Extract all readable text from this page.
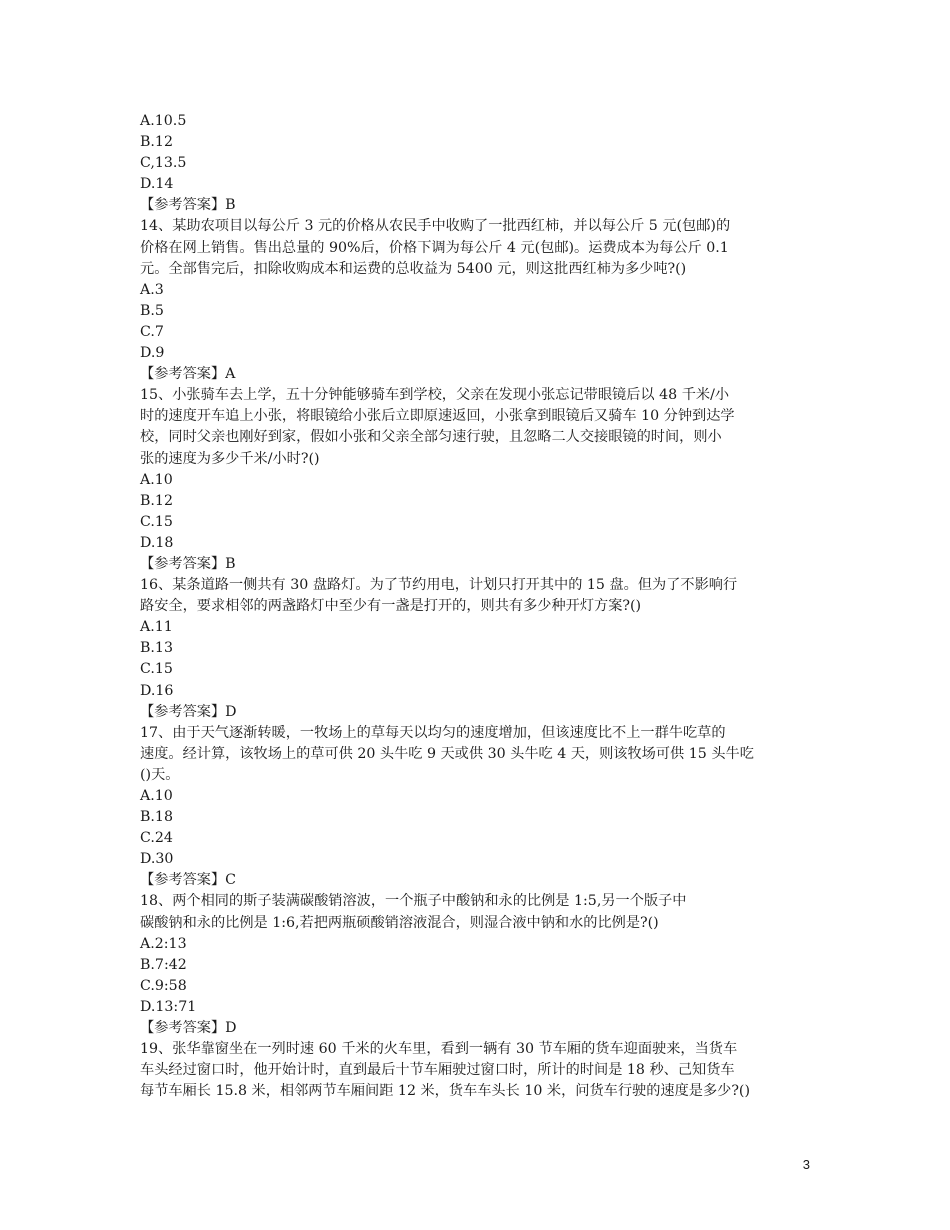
A.10.5
B.12
C,13.5
D.14
【参考答案】B
14、某助农项目以每公斤 3 元的价格从农民手中收购了一批西红柿，并以每公斤 5 元(包邮)的
价格在网上销售。售出总量的 90%后，价格下调为每公斤 4 元(包邮)。运费成本为每公斤 0.1
元。全部售完后，扣除收购成本和运费的总收益为 5400 元，则这批西红柿为多少吨?()
A.3
B.5
C.7
D.9
【参考答案】A
15、小张骑车去上学，五十分钟能够骑车到学校，父亲在发现小张忘记带眼镜后以 48 千米/小
时的速度开车追上小张，将眼镜给小张后立即原速返回，小张拿到眼镜后又骑车 10 分钟到达学
校，同时父亲也刚好到家，假如小张和父亲全部匀速行驶，且忽略二人交接眼镜的时间，则小
张的速度为多少千米/小时?()
A.10
B.12
C.15
D.18
【参考答案】B
16、某条道路一侧共有 30 盘路灯。为了节约用电，计划只打开其中的 15 盘。但为了不影响行
路安全，要求相邻的两盏路灯中至少有一盏是打开的，则共有多少种开灯方案?()
A.11
B.13
C.15
D.16
【参考答案】D
17、由于天气逐渐转暖，一牧场上的草每天以均匀的速度增加，但该速度比不上一群牛吃草的
速度。经计算，该牧场上的草可供 20 头牛吃 9 天或供 30 头牛吃 4 天，则该牧场可供 15 头牛吃
()天。
A.10
B.18
C.24
D.30
【参考答案】C
18、两个相同的斯子装满碳酸销溶波，一个瓶子中酸钠和永的比例是 1:5,另一个版子中
碳酸钠和永的比例是 1:6,若把两瓶硕酸销溶液混合，则湿合液中钠和水的比例是?()
A.2:13
B.7:42
C.9:58
D.13:71
【参考答案】D
19、张华靠窗坐在一列时速 60 千米的火车里，看到一辆有 30 节车厢的货车迎面驶来，当货车
车头经过窗口时，他开始计时，直到最后十节车厢驶过窗口时，所计的时间是 18 秒、己知货车
每节车厢长 15.8 米，相邻两节车厢间距 12 米，货车车头长 10 米，问货车行驶的速度是多少?()
3
